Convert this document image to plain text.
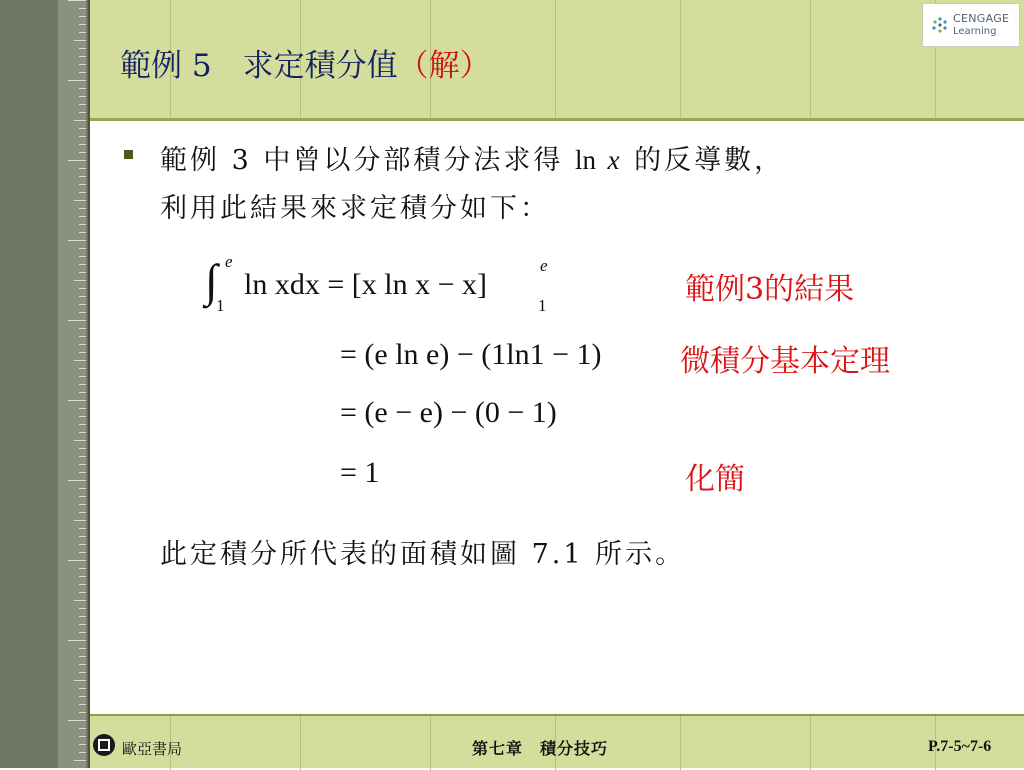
範例 5　求定積分值（解）
CENGAGE
Learning
範例 3 中曾以分部積分法求得 ln x 的反導數，
利用此結果來求定積分如下：
∫ e
1
ln xdx = [x ln x − x]
e
1
= (e ln e) − (1ln1 − 1)
= (e − e) − (0 − 1)
= 1
範例3的結果
微積分基本定理
化簡
此定積分所代表的面積如圖 7.1 所示。
歐亞書局	第七章　積分技巧	P.7-5~7-6
